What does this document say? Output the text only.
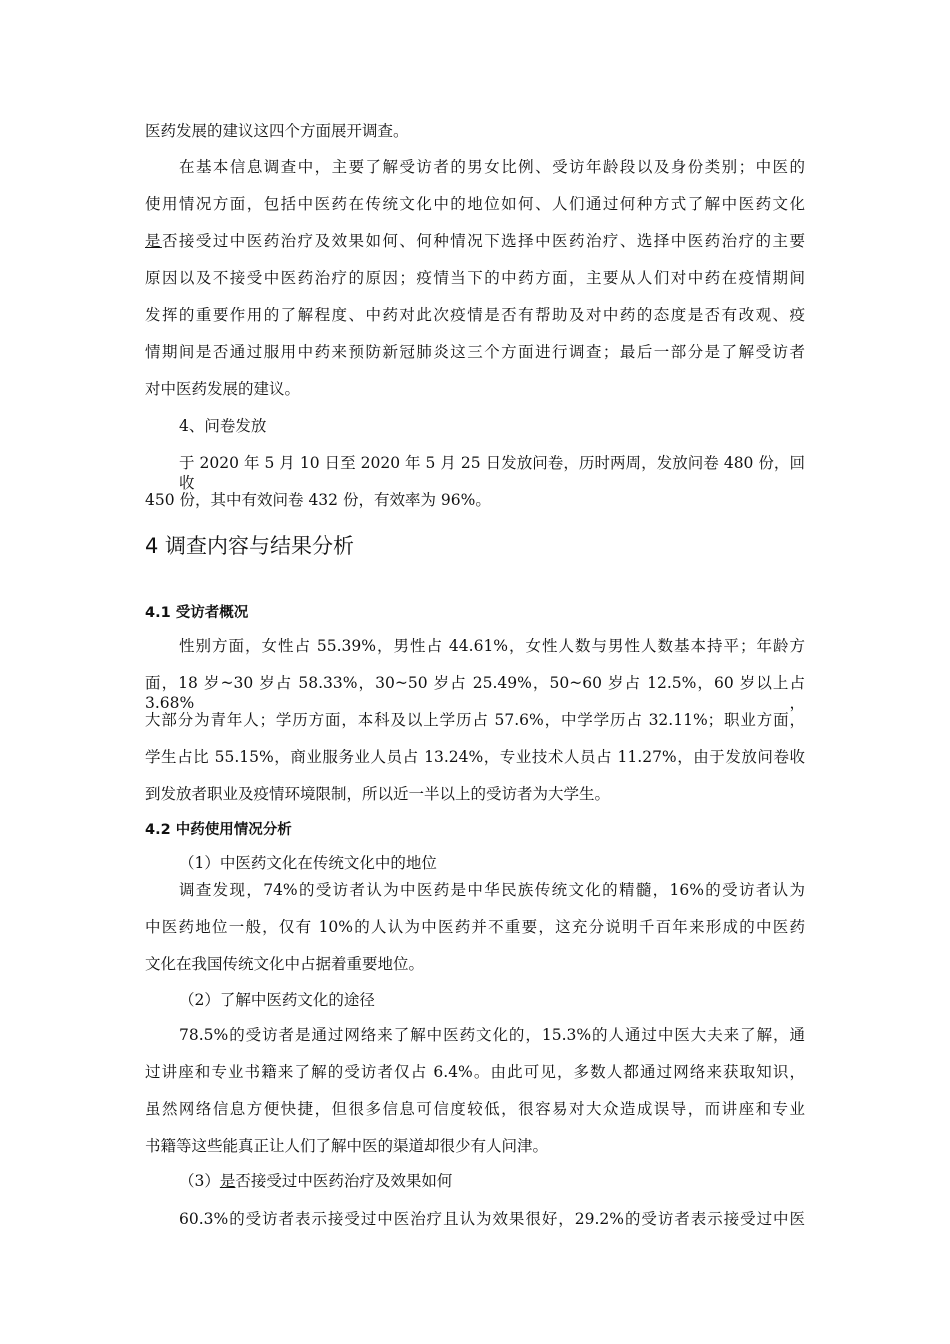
医药发展的建议这四个方面展开调查。
在基本信息调查中，主要了解受访者的男女比例、受访年龄段以及身份类别；中医的
使用情况方面，包括中医药在传统文化中的地位如何、人们通过何种方式了解中医药文化
是否接受过中医药治疗及效果如何、何种情况下选择中医药治疗、选择中医药治疗的主要
原因以及不接受中医药治疗的原因；疫情当下的中药方面，主要从人们对中药在疫情期间
发挥的重要作用的了解程度、中药对此次疫情是否有帮助及对中药的态度是否有改观、疫
情期间是否通过服用中药来预防新冠肺炎这三个方面进行调查；最后一部分是了解受访者
对中医药发展的建议。
4、问卷发放
于 2020 年 5 月 10 日至 2020 年 5 月 25 日发放问卷，历时两周，发放问卷 480 份，回收
450 份，其中有效问卷 432 份，有效率为 96%。
4 调查内容与结果分析
4.1 受访者概况
性别方面，女性占 55.39%，男性占 44.61%，女性人数与男性人数基本持平；年龄方
面，18 岁~30 岁占 58.33%，30~50 岁占 25.49%，50~60 岁占 12.5%，60 岁以上占 3.68%，
大部分为青年人；学历方面，本科及以上学历占 57.6%，中学学历占 32.11%；职业方面，
学生占比 55.15%，商业服务业人员占 13.24%，专业技术人员占 11.27%，由于发放问卷收
到发放者职业及疫情环境限制，所以近一半以上的受访者为大学生。
4.2 中药使用情况分析
（1）中医药文化在传统文化中的地位
调查发现，74%的受访者认为中医药是中华民族传统文化的精髓，16%的受访者认为
中医药地位一般，仅有 10%的人认为中医药并不重要，这充分说明千百年来形成的中医药
文化在我国传统文化中占据着重要地位。
（2）了解中医药文化的途径
78.5%的受访者是通过网络来了解中医药文化的，15.3%的人通过中医大夫来了解，通
过讲座和专业书籍来了解的受访者仅占 6.4%。由此可见，多数人都通过网络来获取知识，
虽然网络信息方便快捷，但很多信息可信度较低，很容易对大众造成误导，而讲座和专业
书籍等这些能真正让人们了解中医的渠道却很少有人问津。
（3）是否接受过中医药治疗及效果如何
60.3%的受访者表示接受过中医治疗且认为效果很好，29.2%的受访者表示接受过中医
